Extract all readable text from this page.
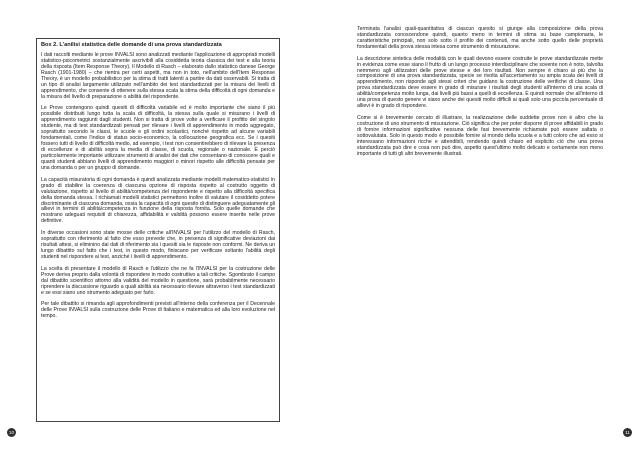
Box 2. L'anilisi statistica delle domande di una prova standardizzata

I dati raccolti mediante le prove INVALSI sono analizzati mediante l'applicazione di appropriati modelli statistico-psicometrici sostanzialmente ascrivibili alla cosiddetta teoria classica dei test e alla teoria della risposta (Item Response Theory). Il Modello di Rasch – elaborato dallo statistico danese George Rasch (1901-1980) – che rientra per certi aspetti, ma non in toto, nell'ambito dell'Item Response Theory, è un modello probabilistico per la stima di tratti latenti a partire da dati osservabili. Si tratta di un tipo di analisi largamente utilizzato nell'ambito dei test standardizzati per la misura dei livelli di apprendimento, che consente di ottenere sulla stessa scala la stima della difficoltà di ogni domanda e la misura del livello di preparazione o abilità del rispondente.

Le Prove contengono quindi quesiti di difficoltà variabile ed è molto importante che siano il più possibile distribuiti lungo tutta la scala di difficoltà, la stessa sulla quale si misurano i livelli di apprendimento raggiunti dagli studenti. Non si tratta di prove volte a verificare il profitto del singolo studente, ma di test standardizzati pensati per rilevare i livelli di apprendimento in modo aggregato, soprattutto secondo le classi, le scuole e gli ordini scolastici, nonché rispetto ad alcune variabili fondamentali, come l'indice di status socio-economico, la collocazione geografica ecc. Se i quesiti fossero tutti di livello di difficoltà medio, ad esempio, i test non consentirebbero di rilevare la presenza di eccellenze e di abilità sopra la media di classe, di scuola, regionale o nazionale. È perciò particolarmente importante utilizzare strumenti di analisi dei dati che consentano di conoscere quali e quanti studenti abbiano livelli di apprendimento maggiori o minori rispetto alle difficoltà pensate per una domanda o per un gruppo di domande.

La capacità misuratoria di ogni domanda è quindi analizzata mediante modelli matematico-statistici in grado di stabilire la coerenza di ciascuna opzione di risposta rispetto al costrutto oggetto di valutazione, rispetto al livello di abilità/competenza del rispondente e rispetto alla difficoltà specifica della domanda stessa. I richiamati modelli statistici permettono inoltre di valutare il cosiddetto potere discriminante di ciascuna domanda, ossia la capacità di ogni quesito di distinguere adeguatamente gli allievi in termini di abilità/competenza in funzione della risposta fornita. Solo quelle domande che mostrano adeguati requisiti di chiarezza, affidabilità e validità possono essere inserite nelle prove definitive.

In diverse occasioni sono state mosse delle critiche all'INVALSI per l'utilizzo del modello di Rasch, soprattutto con riferimento al fatto che esso prevede che, in presenza di significative deviazioni dai risultati attesi, si eliminino dai dati di riferimento sia i quesiti sia le risposte non conformi. Ne deriva un lungo dibattito sul fatto che i test, in questo modo, finiscano per verificare soltanto l'abilità degli studenti nel rispondere ai test, anziché i livelli di apprendimento.

La scelta di presentare il modello di Rasch e l'utilizzo che ne fa l'INVALSI per la costruzione delle Prove deriva proprio dalla volontà di rispondere in modo costruttivo a tali critiche. Sgombrato il campo dal dibattito scientifico attorno alla validità del modello in questione, sarà probabilmente necessario riprendere la discussione riguardo a quali abilità sia necessario rilevare attraverso i test standardizzati e se essi siano uno strumento adeguato per farlo.

Per tale dibattito si rimanda agli approfondimenti previsti all'interno della conferenza per il Decennale delle Prove INVALSI sulla costruzione delle Prove di Italiano e matematica ed alla loro evoluzione nel tempo.

10

Terminata l'analisi quali-quantitativa di ciascun quesito si giunge alla composizione della prova standardizzata conoscendone quindi, quanto meno in termini di stima su base campionaria, le caratteristiche principali, non solo sotto il profilo dei contenuti, ma anche sotto quello delle proprietà fondamentali della prova stessa intesa come strumento di misurazione.

La descrizione sintetica delle modalità con le quali devono essere costruite le prove standardizzate mette in evidenza come esse siano il frutto di un lungo processo interdisciplinare che sovente non è noto, talvolta nemmeno agli utilizzatori delle prove stesse e dei loro risultati. Non sempre è chiaro ai più che la composizione di una prova standardizzata, specie se rivolta all'accertamento su ampia scala dei livelli di apprendimento, non risponde agli stessi criteri che guidano la costruzione delle verifiche di classe. Una prova standardizzata deve essere in grado di misurare i risultati degli studenti all'interno di una scala di abilità/competenza molto lunga, dai livelli più bassi a quelli di eccellenza. È quindi normale che all'interno di una prova di questo genere vi siano anche dei quesiti molto difficili ai quali solo una piccola percentuale di allievi è in grado di rispondere.

Come si è brevemente cercato di illustrare, la realizzazione delle suddette prove non è altro che la costruzione di uno strumento di misurazione. Ciò significa che per poter disporre di prove affidabili in grado di fornire informazioni significative nessuna delle fasi brevemente richiamate può essere saltata o sottovalutata. Solo in questo modo è possibile fornire al mondo della scuola e a tutti coloro che ad esso si interessano informazioni ricche e attendibili, rendendo quindi chiaro ed esplicito ciò che una prova standardizzata può dire e cosa non può dire, aspetto quest'ultimo molto delicato e certamente non meno importante di tutti gli altri brevemente illustrati.

11
